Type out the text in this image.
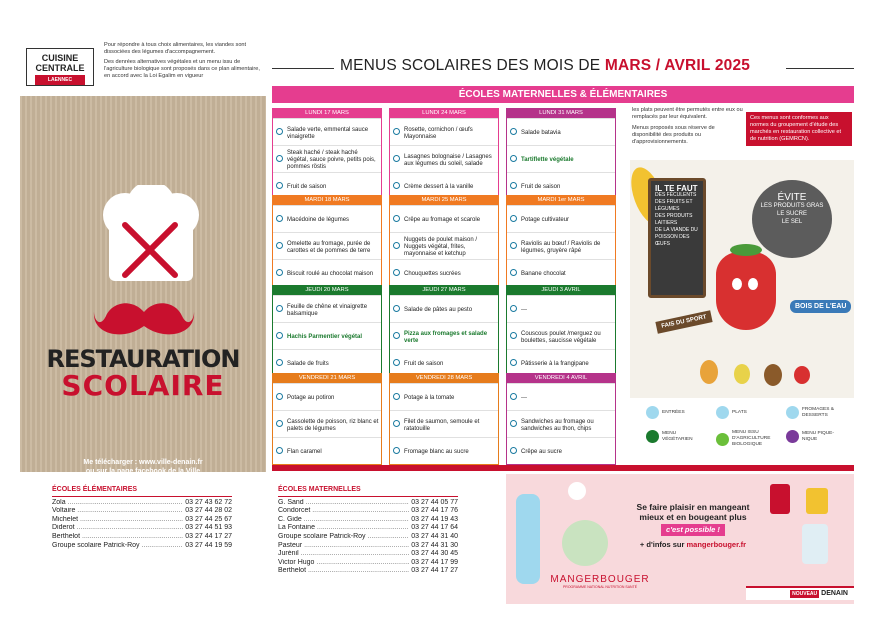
CUISINE
CENTRALE
LAENNEC

Pour répondre à tous choix alimentaires, les viandes sont dissociées des légumes d'accompagnement.

Des denrées alternatives végétales et un menu issu de l'agriculture biologique sont proposés dans ce plan alimentaire, en accord avec la Loi Egalim en vigueur

RESTAURATION
SCOLAIRE
Me télécharger : www.ville-denain.fr
ou sur la page facebook de la Ville
MENUS SCOLAIRES DES MOIS DE MARS / AVRIL 2025
ÉCOLES MATERNELLES & ÉLÉMENTAIRES
LUNDI 17 MARS
Salade verte, emmental sauce vinaigrette
Steak haché / steak haché végétal, sauce poivre, petits pois, pommes röstis
Fruit de saison
LUNDI 24 MARS
Rosette, cornichon / œufs Mayonnaise
Lasagnes bolognaise / Lasagnes aux légumes du soleil, salade
Crème dessert à la vanille
LUNDI 31 MARS
Salade batavia
Tartiflette végétale
Fruit de saison
MARDI 18 MARS
Macédoine de légumes
Omelette au fromage, purée de carottes et de pommes de terre
Biscuit roulé au chocolat maison
MARDI 25 MARS
Crêpe au fromage et scarole
Nuggets de poulet maison / Nuggets végétal, frites, mayonnaise et ketchup
Chouquettes sucrées
MARDI 1er MARS
Potage cultivateur
Raviolis au bœuf / Raviolis de légumes, gruyère râpé
Banane chocolat
JEUDI 20 MARS
Feuille de chêne et vinaigrette balsamique
Hachis Parmentier végétal
Salade de fruits
JEUDI 27 MARS
Salade de pâtes au pesto
Pizza aux fromages et salade verte
Fruit de saison
JEUDI 3 AVRIL
---
Couscous poulet /merguez ou boulettes, saucisse végétale
Pâtisserie à la frangipane
VENDREDI 21 MARS
Potage au potiron
Cassolette de poisson, riz blanc et palets de légumes
Flan caramel
VENDREDI 28 MARS
Potage à la tomate
Filet de saumon, semoule et ratatouille
Fromage blanc au sucre
VENDREDI 4 AVRIL
---
Sandwiches au fromage ou sandwiches au thon, chips
Crêpe au sucre

les plats peuvent être permutés entre eux ou remplacés par leur équivalent.

Menus proposés sous réserve de disponibilité des produits ou d'approvisionnements.

Ces menus sont conformes aux normes du groupement d'étude des marchés en restauration collective et de nutrition (GEMRCN).
IL TE FAUT
DES FÉCULENTS
DES FRUITS ET LÉGUMES
DES PRODUITS LAITIERS
DE LA VIANDE DU POISSON DES ŒUFS
ÉVITE
LES PRODUITS GRAS
LE SUCRE
LE SEL
BOIS DE L'EAU
FAIS DU SPORT
ENTRÉES	PLATS
FROMAGES & DESSERTS
MENU VÉGÉTARIEN
MENU ISSU D'AGRICULTURE BIOLOGIQUE
MENU PIQUE-NIQUE
ÉCOLES ÉLÉMENTAIRES
Zola .....	03 27 43 62 72
Voltaire .....	03 27 44 28 02
Michelet .....	03 27 44 25 67
Diderot .....	03 27 44 51 93
Berthelot .....	03 27 44 17 27
Groupe scolaire Patrick-Roy .....	03 27 44 19 59
ÉCOLES MATERNELLES
G. Sand .....	03 27 44 05 77
Condorcet .....	03 27 44 17 76
C. Gide .....	03 27 44 19 43
La Fontaine .....	03 27 44 17 64
Groupe scolaire Patrick-Roy .....	03 27 44 31 40
Pasteur .....	03 27 44 31 30
Jurénil .....	03 27 44 30 45
Victor Hugo .....	03 27 44 17 99
Berthelot .....	03 27 44 17 27
Se faire plaisir en mangeant mieux et en bougeant plus
c'est possible !
+ d'infos sur mangerbouger.fr
MANGERBOUGER
PROGRAMME NATIONAL NUTRITION SANTÉ
NOUVEAU DENAIN
